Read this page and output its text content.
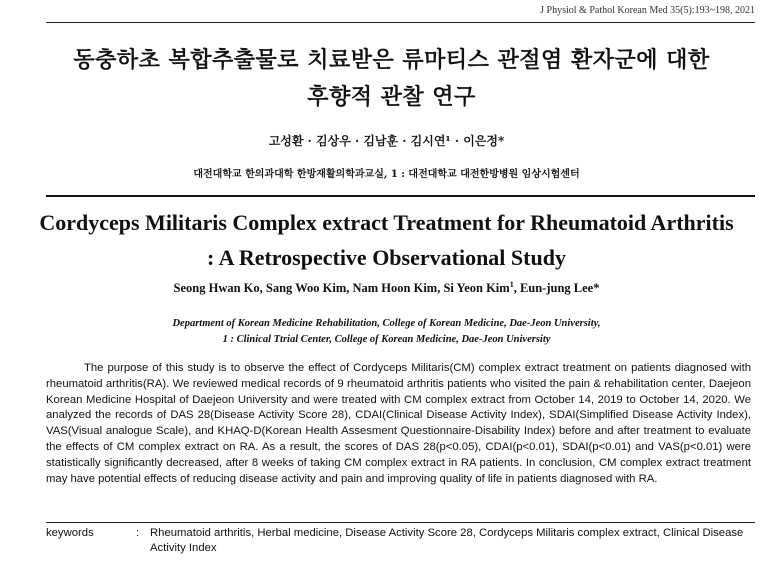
J Physiol & Pathol Korean Med 35(5):193~198, 2021
동충하초 복합추출물로 치료받은 류마티스 관절염 환자군에 대한
후향적 관찰 연구
고성환 · 김상우 · 김남훈 · 김시연¹ · 이은정*
대전대학교 한의과대학 한방재활의학과교실, 1 : 대전대학교 대전한방병원 임상시험센터
Cordyceps Militaris Complex extract Treatment for Rheumatoid Arthritis
: A Retrospective Observational Study
Seong Hwan Ko, Sang Woo Kim, Nam Hoon Kim, Si Yeon Kim$^1$, Eun-jung Lee*
Department of Korean Medicine Rehabilitation, College of Korean Medicine, Dae-Jeon University,
1 : Clinical Ttrial Center, College of Korean Medicine, Dae-Jeon University
The purpose of this study is to observe the effect of Cordyceps Militaris(CM) complex extract treatment on patients diagnosed with rheumatoid arthritis(RA). We reviewed medical records of 9 rheumatoid arthritis patients who visited the pain & rehabilitation center, Daejeon Korean Medicine Hospital of Daejeon University and were treated with CM complex extract from October 14, 2019 to October 14, 2020. We analyzed the records of DAS 28(Disease Activity Score 28), CDAI(Clinical Disease Activity Index), SDAI(Simplified Disease Activity Index), VAS(Visual analogue Scale), and KHAQ-D(Korean Health Assesment Questionnaire-Disability Index) before and after treatment to evaluate the effects of CM complex extract on RA. As a result, the scores of DAS 28(p<0.05), CDAI(p<0.01), SDAI(p<0.01) and VAS(p<0.01) were statistically significantly decreased, after 8 weeks of taking CM complex extract in RA patients. In conclusion, CM complex extract treatment may have potential effects of reducing disease activity and pain and improving quality of life in patients diagnosed with RA.
keywords	: Rheumatoid arthritis, Herbal medicine, Disease Activity Score 28, Cordyceps Militaris complex extract, Clinical Disease Activity Index
